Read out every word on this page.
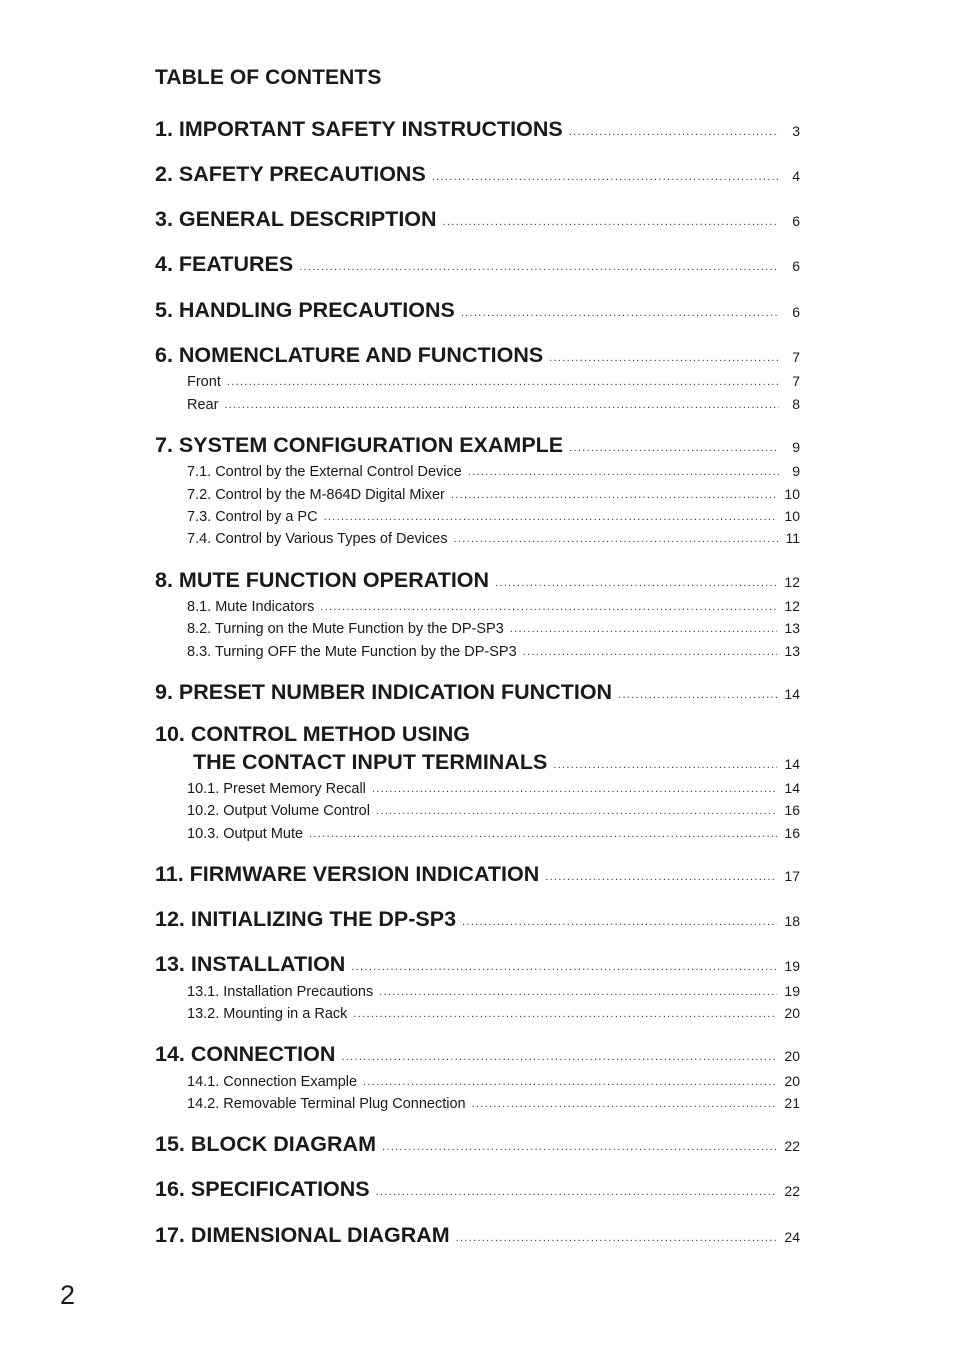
TABLE OF CONTENTS
1. IMPORTANT SAFETY INSTRUCTIONS .....	3
2. SAFETY PRECAUTIONS .....	4
3. GENERAL DESCRIPTION .....	6
4. FEATURES .....	6
5. HANDLING PRECAUTIONS .....	6
6. NOMENCLATURE AND FUNCTIONS .....	7
Front .....	7
Rear .....	8
7. SYSTEM CONFIGURATION EXAMPLE .....	9
7.1. Control by the External Control Device .....	9
7.2. Control by the M-864D Digital Mixer .....	10
7.3. Control by a PC .....	10
7.4. Control by Various Types of Devices .....	11
8. MUTE FUNCTION OPERATION .....	12
8.1. Mute Indicators .....	12
8.2. Turning on the Mute Function by the DP-SP3 .....	13
8.3. Turning OFF the Mute Function by the DP-SP3 .....	13
9. PRESET NUMBER INDICATION FUNCTION .....	14
10. CONTROL METHOD USING
THE CONTACT INPUT TERMINALS .....	14
10.1. Preset Memory Recall .....	14
10.2. Output Volume Control .....	16
10.3. Output Mute .....	16
11. FIRMWARE VERSION INDICATION .....	17
12. INITIALIZING THE DP-SP3 .....	18
13. INSTALLATION .....	19
13.1. Installation Precautions .....	19
13.2. Mounting in a Rack .....	20
14. CONNECTION .....	20
14.1. Connection Example .....	20
14.2. Removable Terminal Plug Connection .....	21
15. BLOCK DIAGRAM .....	22
16. SPECIFICATIONS .....	22
17. DIMENSIONAL DIAGRAM .....	24
2
